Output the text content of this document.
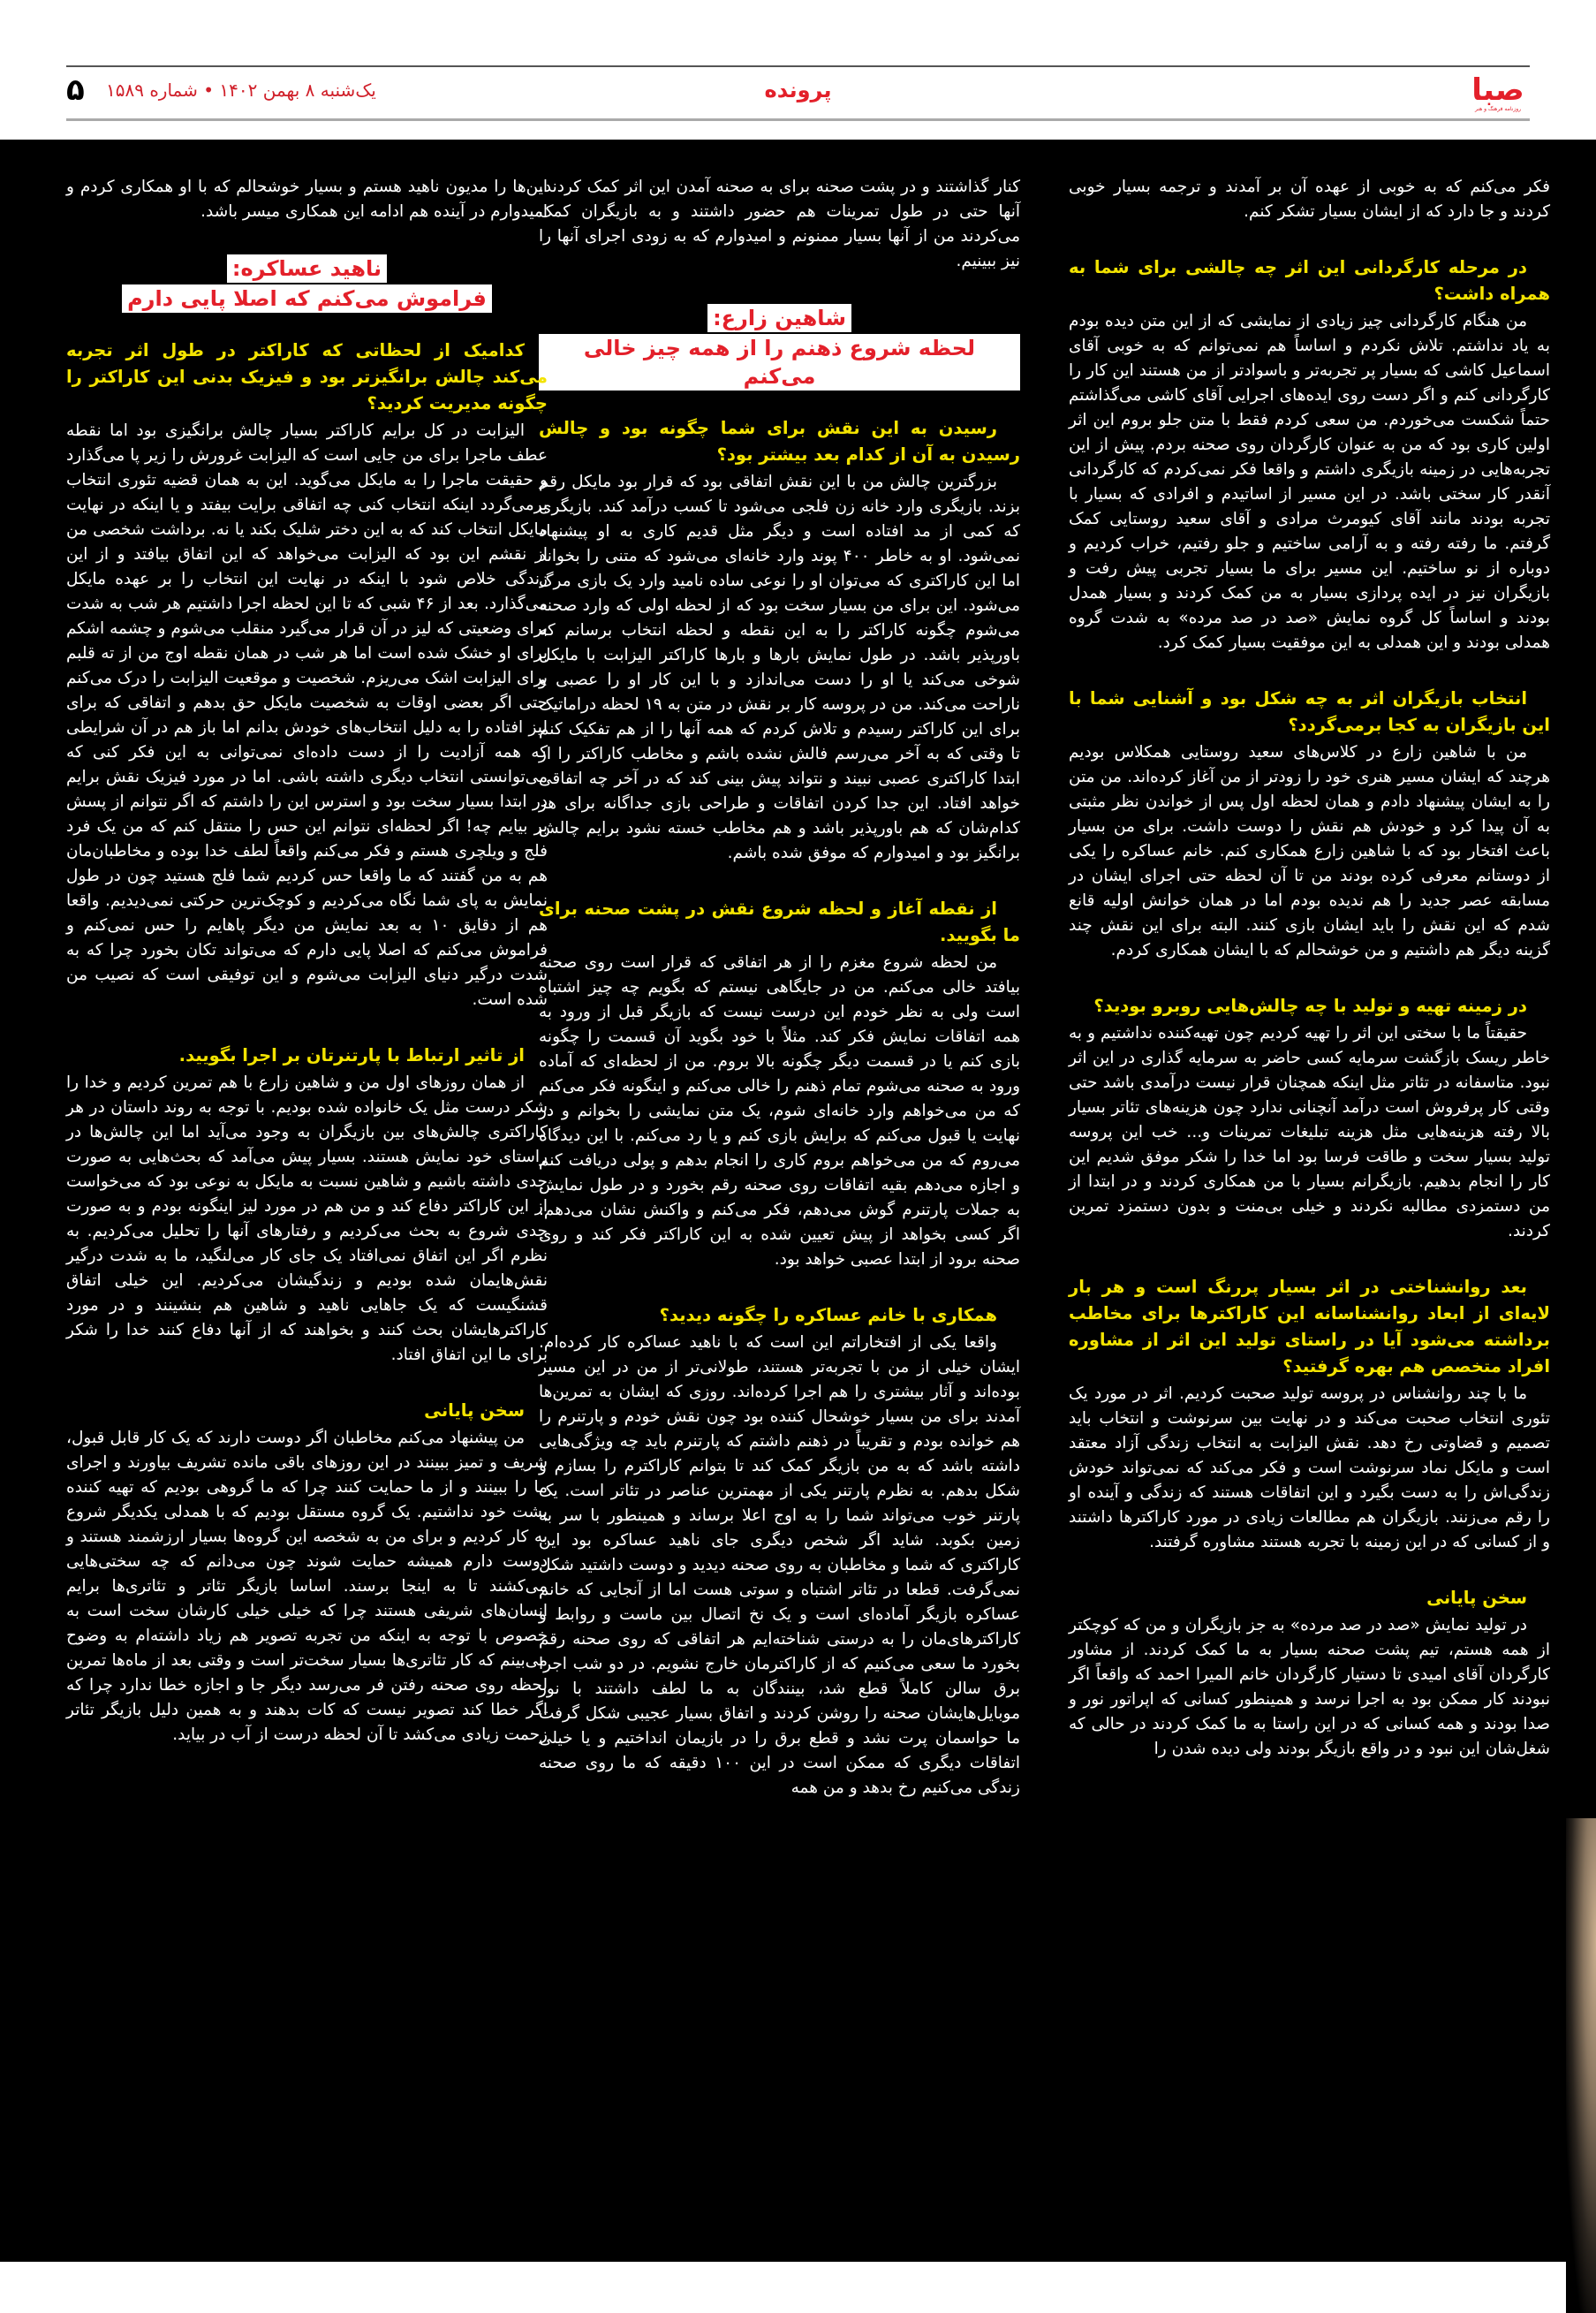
صبا
روزنامه فرهنگ و هنر
پرونده
یک‌شنبه ۸ بهمن ۱۴۰۲ • شماره ۱۵۸۹
۵

فکر می‌کنم که به خوبی از عهده آن بر آمدند و ترجمه بسیار خوبی کردند و جا دارد که از ایشان بسیار تشکر کنم.

در مرحله کارگردانی این اثر چه چالشی برای شما به همراه داشت؟

من هنگام کارگردانی چیز زیادی از نمایشی که از این متن دیده بودم به یاد نداشتم. تلاش نکردم و اساساً هم نمی‌توانم که به خوبی آقای اسماعیل کاشی که بسیار پر تجربه‌تر و باسوادتر از من هستند این کار را کارگردانی کنم و اگر دست روی ایده‌های اجرایی آقای کاشی می‌گذاشتم حتماً شکست می‌خوردم. من سعی کردم فقط با متن جلو بروم این اثر اولین کاری بود که من به عنوان کارگردان روی صحنه بردم. پیش از این تجربه‌هایی در زمینه بازیگری داشتم و واقعا فکر نمی‌کردم که کارگردانی آنقدر کار سختی باشد. در این مسیر از اساتیدم و افرادی که بسیار با تجربه بودند مانند آقای کیومرث مرادی و آقای سعید روستایی کمک گرفتم. ما رفته رفته و به آرامی ساختیم و جلو رفتیم، خراب کردیم و دوباره از نو ساختیم. این مسیر برای ما بسیار تجربی پیش رفت و بازیگران نیز در ایده پردازی بسیار به من کمک کردند و بسیار همدل بودند و اساساً کل گروه نمایش «صد در صد مرده» به شدت گروه همدلی بودند و این همدلی به این موفقیت بسیار کمک کرد.

انتخاب بازیگران اثر به چه شکل بود و آشنایی شما با این بازیگران به کجا برمی‌گردد؟

من با شاهین زارع در کلاس‌های سعید روستایی همکلاس بودیم هرچند که ایشان مسیر هنری خود را زودتر از من آغاز کرده‌اند. من متن را به ایشان پیشنهاد دادم و همان لحظه اول پس از خواندن نظر مثبتی به آن پیدا کرد و خودش هم نقش را دوست داشت. برای من بسیار باعث افتخار بود که با شاهین زارع همکاری کنم. خانم عساکره را یکی از دوستانم معرفی کرده بودند من تا آن لحظه حتی اجرای ایشان در مسابقه عصر جدید را هم ندیده بودم اما در همان خوانش اولیه قانع شدم که این نقش را باید ایشان بازی کنند. البته برای این نقش چند گزینه دیگر هم داشتیم و من خوشحالم که با ایشان همکاری کردم.

در زمینه تهیه و تولید با چه چالش‌هایی روبرو بودید؟

حقیقتاً ما با سختی این اثر را تهیه کردیم چون تهیه‌کننده نداشتیم و به خاطر ریسک بازگشت سرمایه کسی حاضر به سرمایه گذاری در این اثر نبود. متاسفانه در تئاتر مثل اینکه همچنان قرار نیست درآمدی باشد حتی وقتی کار پرفروش است درآمد آنچنانی ندارد چون هزینه‌های تئاتر بسیار بالا رفته هزینه‌هایی مثل هزینه تبلیغات تمرینات و... خب این پروسه تولید بسیار سخت و طاقت فرسا بود اما خدا را شکر موفق شدیم این کار را انجام بدهیم. بازیگرانم بسیار با من همکاری کردند و در ابتدا از من دستمزدی مطالبه نکردند و خیلی بی‌منت و بدون دستمزد تمرین کردند.

بعد روانشناختی در اثر بسیار پررنگ است و هر بار لایه‌ای از ابعاد روانشناسانه این کاراکترها برای مخاطب برداشته می‌شود آیا در راستای تولید این اثر از مشاوره افراد متخصص هم بهره گرفتید؟

ما با چند روانشناس در پروسه تولید صحبت کردیم. اثر در مورد یک تئوری انتخاب صحبت می‌کند و در نهایت بین سرنوشت و انتخاب باید تصمیم و قضاوتی رخ دهد. نقش الیزابت به انتخاب زندگی آزاد معتقد است و مایکل نماد سرنوشت است و فکر می‌کند که نمی‌تواند خودش زندگی‌اش را به دست بگیرد و این اتفاقات هستند که زندگی و آینده او را رقم می‌زنند. بازیگران هم مطالعات زیادی در مورد کاراکترها داشتند و از کسانی که در این زمینه با تجربه هستند مشاوره گرفتند.

سخن پایانی

در تولید نمایش «صد در صد مرده» به جز بازیگران و من که کوچکتر از همه هستم، تیم پشت صحنه بسیار به ما کمک کردند. از مشاور کارگردان آقای امیدی تا دستیار کارگردان خانم المیرا احمد که واقعاً اگر نبودند کار ممکن بود به اجرا نرسد و همینطور کسانی که اپراتور نور و صدا بودند و همه کسانی که در این راستا به ما کمک کردند در حالی که شغل‌شان این نبود و در واقع بازیگر بودند ولی دیده شدن را

کنار گذاشتند و در پشت صحنه برای به صحنه آمدن این اثر کمک کردند. آنها حتی در طول تمرینات هم حضور داشتند و به بازیگران کمک می‌کردند من از آنها بسیار ممنونم و امیدوارم که به زودی اجرای آنها را نیز ببینیم.

شاهین زارع:
لحظه شروع ذهنم را از همه چیز خالی می‌کنم
رسیدن به این نقش برای شما چگونه بود و چالش رسیدن به آن از کدام بعد بیشتر بود؟

بزرگترین چالش من با این نقش اتفاقی بود که قرار بود مایکل رقم بزند. بازیگری وارد خانه زن فلجی می‌شود تا کسب درآمد کند. بازیگری که کمی از مد افتاده است و دیگر مثل قدیم کاری به او پیشنهاد نمی‌شود. او به خاطر ۴۰۰ پوند وارد خانه‌ای می‌شود که متنی را بخواند اما این کاراکتری که می‌توان او را نوعی ساده نامید وارد یک بازی مرگ می‌شود. این برای من بسیار سخت بود که از لحظه اولی که وارد صحنه می‌شوم چگونه کاراکتر را به این نقطه و لحظه انتخاب برسانم که باورپذیر باشد. در طول نمایش بارها و بارها کاراکتر الیزابت با مایکل شوخی می‌کند یا او را دست می‌اندازد و با این کار او را عصبی و ناراحت می‌کند. من در پروسه کار بر نقش در متن به ۱۹ لحظه دراماتیک برای این کاراکتر رسیدم و تلاش کردم که همه آنها را از هم تفکیک کنم تا وقتی که به آخر می‌رسم فالش نشده باشم و مخاطب کاراکتر را از ابتدا کاراکتری عصبی نبیند و نتواند پیش بینی کند که در آخر چه اتفاقی خواهد افتاد. این جدا کردن اتفاقات و طراحی بازی جداگانه برای هر کدام‌شان که هم باورپذیر باشد و هم مخاطب خسته نشود برایم چالش برانگیز بود و امیدوارم که موفق شده باشم.

از نقطه آغاز و لحظه شروع نقش در پشت صحنه برای ما بگویید.

من لحظه شروع مغزم را از هر اتفاقی که قرار است روی صحنه بیافتد خالی می‌کنم. من در جایگاهی نیستم که بگویم چه چیز اشتباه است ولی به نظر خودم این درست نیست که بازیگر قبل از ورود به همه اتفاقات نمایش فکر کند. مثلاً با خود بگوید آن قسمت را چگونه بازی کنم یا در قسمت دیگر چگونه بالا بروم. من از لحظه‌ای که آماده ورود به صحنه می‌شوم تمام ذهنم را خالی می‌کنم و اینگونه فکر می‌کنم که من می‌خواهم وارد خانه‌ای شوم، یک متن نمایشی را بخوانم و در نهایت یا قبول می‌کنم که برایش بازی کنم و یا رد می‌کنم. با این دیدگاه می‌روم که من می‌خواهم بروم کاری را انجام بدهم و پولی دریافت کنم و اجازه می‌دهم بقیه اتفاقات روی صحنه رقم بخورد و در طول نمایش به جملات پارتنرم گوش می‌دهم، فکر می‌کنم و واکنش نشان می‌دهم. اگر کسی بخواهد از پیش تعیین شده به این کاراکتر فکر کند و روی صحنه برود از ابتدا عصبی خواهد بود.

همکاری با خانم عساکره را چگونه دیدید؟

واقعا یکی از افتخاراتم این است که با ناهید عساکره کار کرده‌ام. ایشان خیلی از من با تجربه‌تر هستند، طولانی‌تر از من در این مسیر بوده‌اند و آثار بیشتری را هم اجرا کرده‌اند. روزی که ایشان به تمرین‌ها آمدند برای من بسیار خوشحال کننده بود چون نقش خودم و پارتنرم را هم خوانده بودم و تقریباً در ذهنم داشتم که پارتنرم باید چه ویژگی‌هایی داشته باشد که به من بازیگر کمک کند تا بتوانم کاراکترم را بسازم و شکل بدهم. به نظرم پارتنر یکی از مهمترین عناصر در تئاتر است. یک پارتنر خوب می‌تواند شما را به اوج اعلا برساند و همینطور با سر به زمین بکوبد. شاید اگر شخص دیگری جای ناهید عساکره بود این کاراکتری که شما و مخاطبان به روی صحنه دیدید و دوست داشتید شکل نمی‌گرفت. قطعا در تئاتر اشتباه و سوتی هست اما از آنجایی که خانم عساکره بازیگر آماده‌ای است و یک نخ اتصال بین ماست و روابط و کاراکترهای‌مان را به درستی شناخته‌ایم هر اتفاقی که روی صحنه رقم بخورد ما سعی می‌کنیم که از کاراکترمان خارج نشویم. در دو شب اجرا برق سالن کاملاً قطع شد، بینندگان به ما لطف داشتند با نور موبایل‌هایشان صحنه را روشن کردند و اتفاق بسیار عجیبی شکل گرفت ما حواسمان پرت نشد و قطع برق را در بازیمان انداختیم و یا خیلی اتفاقات دیگری که ممکن است در این ۱۰۰ دقیقه که ما روی صحنه زندگی می‌کنیم رخ بدهد و من همه

این‌ها را مدیون ناهید هستم و بسیار خوشحالم که با او همکاری کردم و امیدوارم در آینده هم ادامه این همکاری میسر باشد.

ناهید عساکره:
فراموش می‌کنم که اصلا پایی دارم
کدامیک از لحظاتی که کاراکتر در طول اثر تجربه می‌کند چالش برانگیزتر بود و فیزیک بدنی این کاراکتر را چگونه مدیریت کردید؟

الیزابت در کل برایم کاراکتر بسیار چالش برانگیزی بود اما نقطه عطف ماجرا برای من جایی است که الیزابت غرورش را زیر پا می‌گذارد و حقیقت ماجرا را به مایکل می‌گوید. این به همان قضیه تئوری انتخاب برمی‌گردد اینکه انتخاب کنی چه اتفاقی برایت بیفتد و یا اینکه در نهایت مایکل انتخاب کند که به این دختر شلیک بکند یا نه. برداشت شخصی من از نقشم این بود که الیزابت می‌خواهد که این اتفاق بیافتد و از این زندگی خلاص شود با اینکه در نهایت این انتخاب را بر عهده مایکل می‌گذارد. بعد از ۴۶ شبی که تا این لحظه اجرا داشتیم هر شب به شدت برای وضعیتی که لیز در آن قرار می‌گیرد منقلب می‌شوم و چشمه اشکم برای او خشک شده است اما هر شب در همان نقطه اوج من از ته قلبم برای الیزابت اشک می‌ریزم. شخصیت و موقعیت الیزابت را درک می‌کنم حتی اگر بعضی اوقات به شخصیت مایکل حق بدهم و اتفاقی که برای لیز افتاده را به دلیل انتخاب‌های خودش بدانم اما باز هم در آن شرایطی که همه آزادیت را از دست داده‌ای نمی‌توانی به این فکر کنی که می‌توانستی انتخاب دیگری داشته باشی. اما در مورد فیزیک نقش برایم در ابتدا بسیار سخت بود و استرس این را داشتم که اگر نتوانم از پسش بر بیایم چه! اگر لحظه‌ای نتوانم این حس را منتقل کنم که من یک فرد فلج و ویلچری هستم و فکر می‌کنم واقعاً لطف خدا بوده و مخاطبان‌مان هم به من گفتند که ما واقعا حس کردیم شما فلج هستید چون در طول نمایش به پای شما نگاه می‌کردیم و کوچک‌ترین حرکتی نمی‌دیدیم. واقعا هم از دقایق ۱۰ به بعد نمایش من دیگر پاهایم را حس نمی‌کنم و فراموش می‌کنم که اصلا پایی دارم که می‌تواند تکان بخورد چرا که به شدت درگیر دنیای الیزابت می‌شوم و این توفیقی است که نصیب من شده است.

از تاثیر ارتباط با پارتنرتان بر اجرا بگویید.

از همان روزهای اول من و شاهین زارع با هم تمرین کردیم و خدا را شکر درست مثل یک خانواده شده بودیم. با توجه به روند داستان در هر کاراکتری چالش‌های بین بازیگران به وجود می‌آید اما این چالش‌ها در راستای خود نمایش هستند. بسیار پیش می‌آمد که بحث‌هایی به صورت جدی داشته باشیم و شاهین نسبت به مایکل به نوعی بود که می‌خواست از این کاراکتر دفاع کند و من هم در مورد لیز اینگونه بودم و به صورت جدی شروع به بحث می‌کردیم و رفتارهای آنها را تحلیل می‌کردیم. به نظرم اگر این اتفاق نمی‌افتاد یک جای کار می‌لنگید، ما به شدت درگیر نقش‌هایمان شده بودیم و زندگیشان می‌کردیم. این خیلی اتفاق قشنگیست که یک جاهایی ناهید و شاهین هم بنشینند و در مورد کاراکترهایشان بحث کنند و بخواهند که از آنها دفاع کنند خدا را شکر برای ما این اتفاق افتاد.

سخن پایانی

من پیشنهاد می‌کنم مخاطبان اگر دوست دارند که یک کار قابل قبول، شریف و تمیز ببینند در این روزهای باقی مانده تشریف بیاورند و اجرای ما را ببینند و از ما حمایت کنند چرا که ما گروهی بودیم که تهیه کننده پشت خود نداشتیم. یک گروه مستقل بودیم که با همدلی یکدیگر شروع به کار کردیم و برای من به شخصه این گروه‌ها بسیار ارزشمند هستند و دوست دارم همیشه حمایت شوند چون می‌دانم که چه سختی‌هایی می‌کشند تا به اینجا برسند. اساسا بازیگر تئاتر و تئاتری‌ها برایم انسان‌های شریفی هستند چرا که خیلی خیلی کارشان سخت است به خصوص با توجه به اینکه من تجربه تصویر هم زیاد داشته‌ام به وضوح می‌بینم که کار تئاتری‌ها بسیار سخت‌تر است و وقتی بعد از ماه‌ها تمرین لحظه روی صحنه رفتن فر می‌رسد دیگر جا و اجازه خطا ندارد چرا که اگر خطا کند تصویر نیست که کات بدهند و به همین دلیل بازیگر تئاتر زحمت زیادی می‌کشد تا آن لحظه درست از آب در بیاید.
